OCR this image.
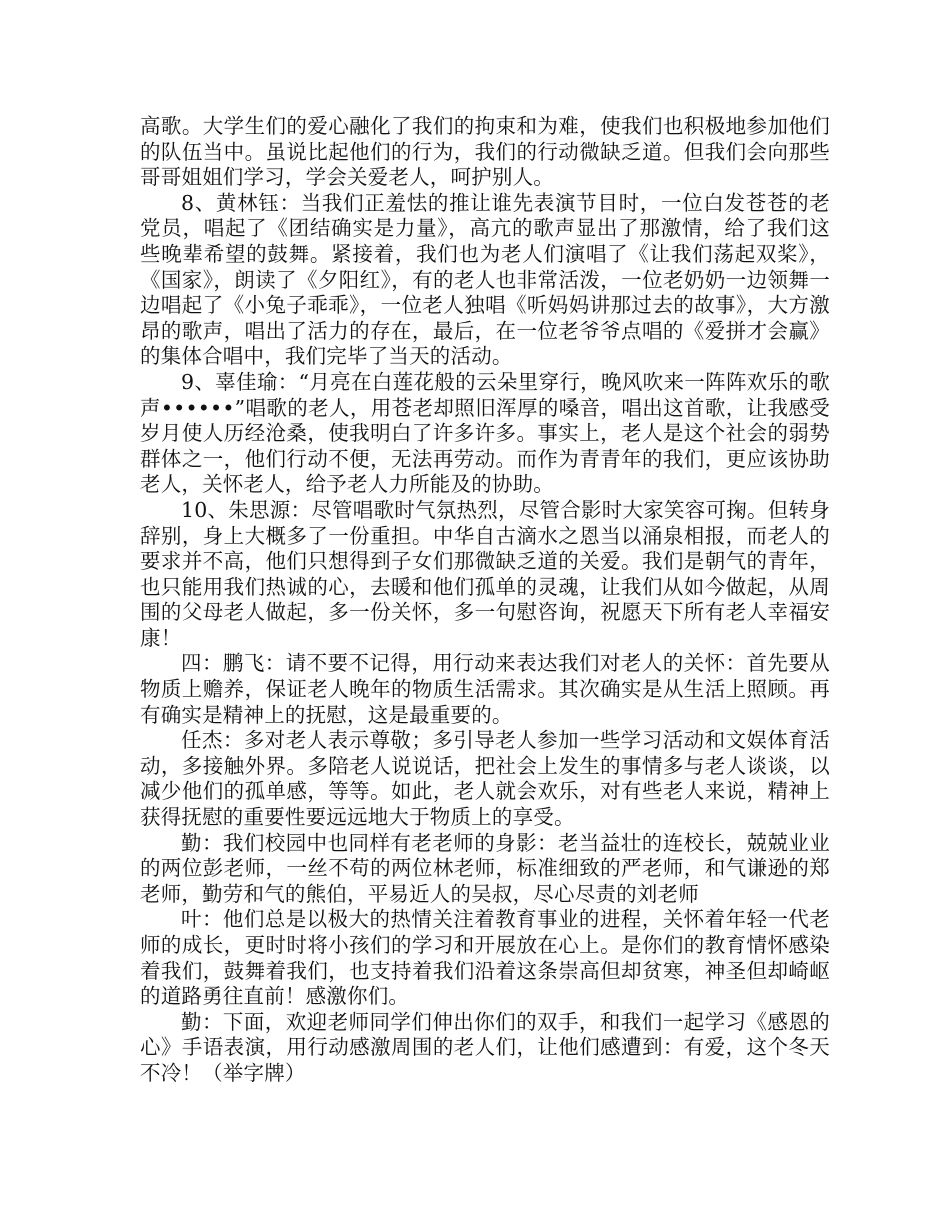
高歌。大学生们的爱心融化了我们的拘束和为难，使我们也积极地参加他们的队伍当中。虽说比起他们的行为，我们的行动微缺乏道。但我们会向那些哥哥姐姐们学习，学会关爱老人，呵护别人。

8、黄林钰：当我们正羞怯的推让谁先表演节目时，一位白发苍苍的老党员，唱起了《团结确实是力量》，高亢的歌声显出了那激情，给了我们这些晚辈希望的鼓舞。紧接着，我们也为老人们演唱了《让我们荡起双桨》，《国家》，朗读了《夕阳红》，有的老人也非常活泼，一位老奶奶一边领舞一边唱起了《小兔子乖乖》，一位老人独唱《听妈妈讲那过去的故事》，大方激昂的歌声，唱出了活力的存在，最后，在一位老爷爷点唱的《爱拼才会赢》的集体合唱中，我们完毕了当天的活动。

9、辜佳瑜：“月亮在白莲花般的云朵里穿行，晚风吹来一阵阵欢乐的歌声••••••”唱歌的老人，用苍老却照旧浑厚的嗓音，唱出这首歌，让我感受岁月使人历经沧桑，使我明白了许多许多。事实上，老人是这个社会的弱势群体之一，他们行动不便，无法再劳动。而作为青青年的我们，更应该协助老人，关怀老人，给予老人力所能及的协助。

10、朱思源：尽管唱歌时气氛热烈，尽管合影时大家笑容可掬。但转身辞别，身上大概多了一份重担。中华自古滴水之恩当以涌泉相报，而老人的要求并不高，他们只想得到子女们那微缺乏道的关爱。我们是朝气的青年，也只能用我们热诚的心，去暖和他们孤单的灵魂，让我们从如今做起，从周围的父母老人做起，多一份关怀，多一句慰咨询，祝愿天下所有老人幸福安康！

四：鹏飞：请不要不记得，用行动来表达我们对老人的关怀：首先要从物质上赡养，保证老人晚年的物质生活需求。其次确实是从生活上照顾。再有确实是精神上的抚慰，这是最重要的。

任杰：多对老人表示尊敬；多引导老人参加一些学习活动和文娱体育活动，多接触外界。多陪老人说说话，把社会上发生的事情多与老人谈谈，以减少他们的孤单感，等等。如此，老人就会欢乐，对有些老人来说，精神上获得抚慰的重要性要远远地大于物质上的享受。

勤：我们校园中也同样有老老师的身影：老当益壮的连校长，兢兢业业的两位彭老师，一丝不苟的两位林老师，标准细致的严老师，和气谦逊的郑老师，勤劳和气的熊伯，平易近人的吴叔，尽心尽责的刘老师

叶：他们总是以极大的热情关注着教育事业的进程，关怀着年轻一代老师的成长，更时时将小孩们的学习和开展放在心上。是你们的教育情怀感染着我们，鼓舞着我们，也支持着我们沿着这条崇高但却贫寒，神圣但却崎岖的道路勇往直前！感激你们。

勤：下面，欢迎老师同学们伸出你们的双手，和我们一起学习《感恩的心》手语表演，用行动感激周围的老人们，让他们感遭到：有爱，这个冬天不冷！（举字牌）
